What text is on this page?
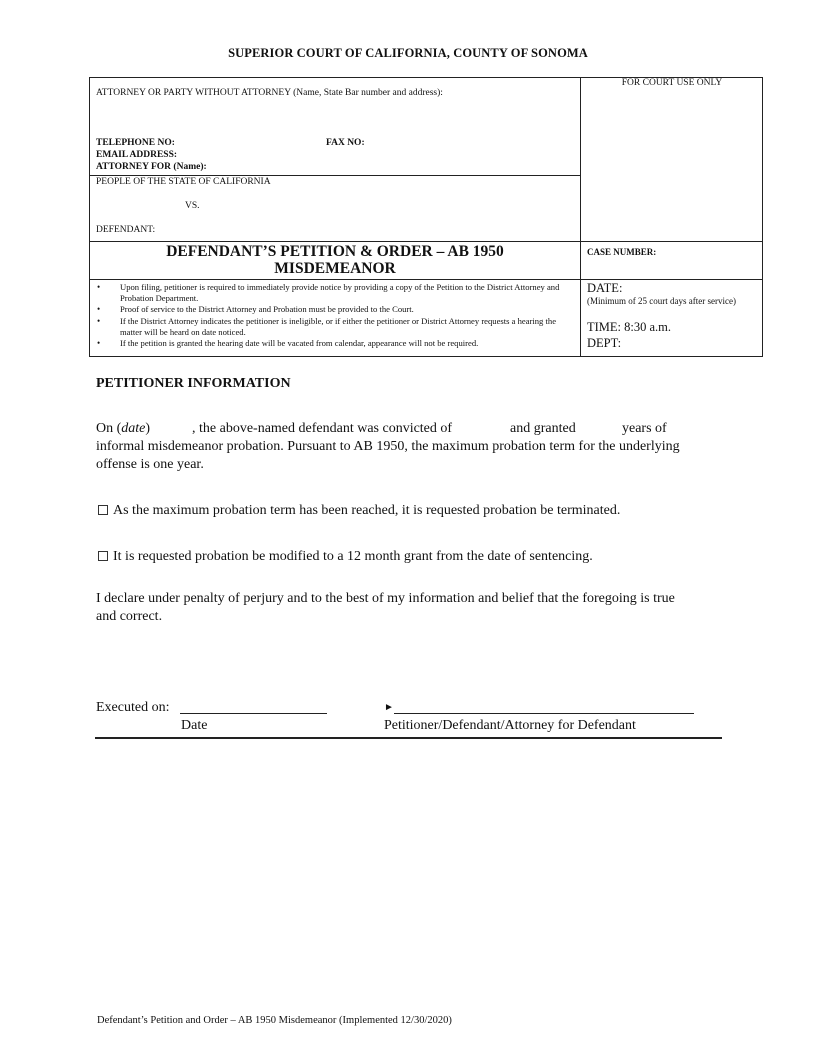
SUPERIOR COURT OF CALIFORNIA, COUNTY OF SONOMA
ATTORNEY OR PARTY WITHOUT ATTORNEY (Name, State Bar number and address):
TELEPHONE NO:	FAX NO:
EMAIL ADDRESS:
ATTORNEY FOR (Name):
FOR COURT USE ONLY
PEOPLE OF THE STATE OF CALIFORNIA
VS.
DEFENDANT:
DEFENDANT’S PETITION & ORDER – AB 1950
MISDEMEANOR
CASE NUMBER:
• Upon filing, petitioner is required to immediately provide notice by providing a copy of the Petition to the District Attorney and Probation Department.
• Proof of service to the District Attorney and Probation must be provided to the Court.
• If the District Attorney indicates the petitioner is ineligible, or if either the petitioner or District Attorney requests a hearing the matter will be heard on date noticed.
• If the petition is granted the hearing date will be vacated from calendar, appearance will not be required.
DATE:
(Minimum of 25 court days after service)
TIME: 8:30 a.m.
DEPT:
PETITIONER INFORMATION
On (date)	, the above-named defendant was convicted of	and granted	years of
informal misdemeanor probation. Pursuant to AB 1950, the maximum probation term for the underlying
offense is one year.
As the maximum probation term has been reached, it is requested probation be terminated.
It is requested probation be modified to a 12 month grant from the date of sentencing.
I declare under penalty of perjury and to the best of my information and belief that the foregoing is true
and correct.
Executed on:	►
Date	Petitioner/Defendant/Attorney for Defendant
Defendant’s Petition and Order – AB 1950 Misdemeanor (Implemented 12/30/2020)
